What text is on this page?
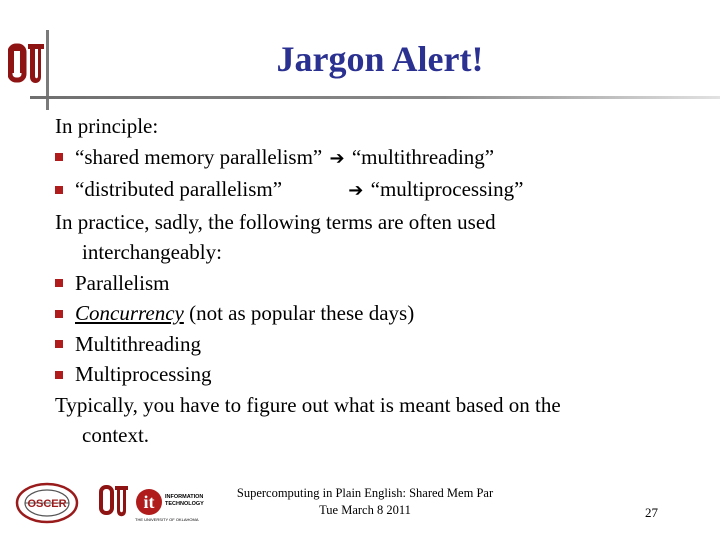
Jargon Alert!
In principle:
“shared memory parallelism” ➔ “multithreading”
“distributed parallelism”	➔ “multiprocessing”
In practice, sadly, the following terms are often used
interchangeably:
Parallelism
Concurrency (not as popular these days)
Multithreading
Multiprocessing
Typically, you have to figure out what is meant based on the
context.
OSCER	it INFORMATION
TECHNOLOGY
THE UNIVERSITY OF OKLAHOMA
Supercomputing in Plain English: Shared Mem Par
Tue March 8 2011	27
